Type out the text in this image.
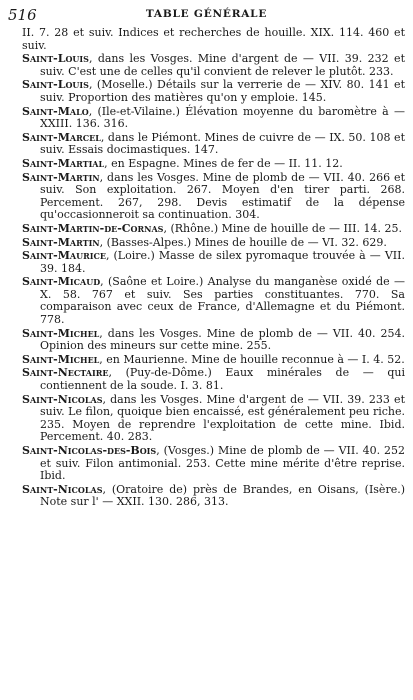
516	TABLE GÉNÉRALE

II. 7. 28 et suiv. Indices et recherches de houille. XIX. 114. 460 et suiv.

Saint-Louis, dans les Vosges. Mine d'argent de — VII. 39. 232 et suiv. C'est une de celles qu'il convient de relever le plutôt. 233.

Saint-Louis, (Moselle.) Détails sur la verrerie de — XIV. 80. 141 et suiv. Proportion des matières qu'on y emploie. 145.

Saint-Malo, (Ile-et-Vilaine.) Élévation moyenne du baromètre à — XXIII. 136. 316.

Saint-Marcel, dans le Piémont. Mines de cuivre de — IX. 50. 108 et suiv. Essais docimastiques. 147.

Saint-Martial, en Espagne. Mines de fer de — II. 11. 12.

Saint-Martin, dans les Vosges. Mine de plomb de — VII. 40. 266 et suiv. Son exploitation. 267. Moyen d'en tirer parti. 268. Percement. 267, 298. Devis estimatif de la dépense qu'occasionneroit sa continuation. 304.

Saint-Martin-de-Cornas, (Rhône.) Mine de houille de — III. 14. 25.

Saint-Martin, (Basses-Alpes.) Mines de houille de — VI. 32. 629.

Saint-Maurice, (Loire.) Masse de silex pyromaque trouvée à — VII. 39. 184.

Saint-Micaud, (Saône et Loire.) Analyse du manganèse oxidé de — X. 58. 767 et suiv. Ses parties constituantes. 770. Sa comparaison avec ceux de France, d'Allemagne et du Piémont. 778.

Saint-Michel, dans les Vosges. Mine de plomb de — VII. 40. 254. Opinion des mineurs sur cette mine. 255.

Saint-Michel, en Maurienne. Mine de houille reconnue à — I. 4. 52.

Saint-Nectaire, (Puy-de-Dôme.) Eaux minérales de — qui contiennent de la soude. I. 3. 81.

Saint-Nicolas, dans les Vosges. Mine d'argent de — VII. 39. 233 et suiv. Le filon, quoique bien encaissé, est généralement peu riche. 235. Moyen de reprendre l'exploitation de cette mine. Ibid. Percement. 40. 283.

Saint-Nicolas-des-Bois, (Vosges.) Mine de plomb de — VII. 40. 252 et suiv. Filon antimonial. 253. Cette mine mérite d'être reprise. Ibid.

Saint-Nicolas, (Oratoire de) près de Brandes, en Oisans, (Isère.) Note sur l' — XXII. 130. 286, 313.
